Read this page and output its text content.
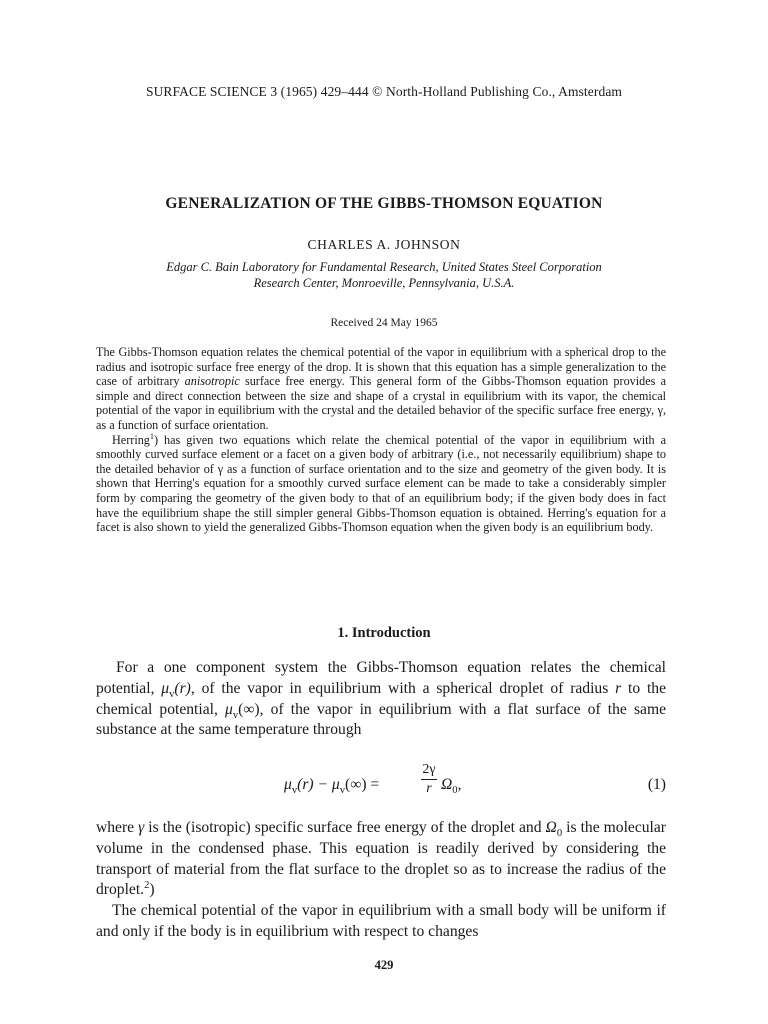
SURFACE SCIENCE 3 (1965) 429–444 © North-Holland Publishing Co., Amsterdam
GENERALIZATION OF THE GIBBS-THOMSON EQUATION
CHARLES A. JOHNSON
Edgar C. Bain Laboratory for Fundamental Research, United States Steel Corporation
Research Center, Monroeville, Pennsylvania, U.S.A.
Received 24 May 1965

The Gibbs-Thomson equation relates the chemical potential of the vapor in equilibrium with a spherical drop to the radius and isotropic surface free energy of the drop. It is shown that this equation has a simple generalization to the case of arbitrary anisotropic surface free energy. This general form of the Gibbs-Thomson equation provides a simple and direct connection between the size and shape of a crystal in equilibrium with its vapor, the chemical potential of the vapor in equilibrium with the crystal and the detailed behavior of the specific surface free energy, γ, as a function of surface orientation.

Herring$^1$) has given two equations which relate the chemical potential of the vapor in equilibrium with a smoothly curved surface element or a facet on a given body of arbitrary (i.e., not necessarily equilibrium) shape to the detailed behavior of γ as a function of surface orientation and to the size and geometry of the given body. It is shown that Herring's equation for a smoothly curved surface element can be made to take a considerably simpler form by comparing the geometry of the given body to that of an equilibrium body; if the given body does in fact have the equilibrium shape the still simpler general Gibbs-Thomson equation is obtained. Herring's equation for a facet is also shown to yield the generalized Gibbs-Thomson equation when the given body is an equilibrium body.

1. Introduction

For a one component system the Gibbs-Thomson equation relates the chemical potential, $\mu_v(r)$, of the vapor in equilibrium with a spherical droplet of radius r to the chemical potential, $\mu_v(\infty)$, of the vapor in equilibrium with a flat surface of the same substance at the same temperature through

$\mu_v(r) - \mu_v(\infty)$ =
2γ
r $\Omega_0$,	(1)

where γ is the (isotropic) specific surface free energy of the droplet and $\Omega_0$ is the molecular volume in the condensed phase. This equation is readily derived by considering the transport of material from the flat surface to the droplet so as to increase the radius of the droplet.$^2$)

The chemical potential of the vapor in equilibrium with a small body will be uniform if and only if the body is in equilibrium with respect to changes

429
